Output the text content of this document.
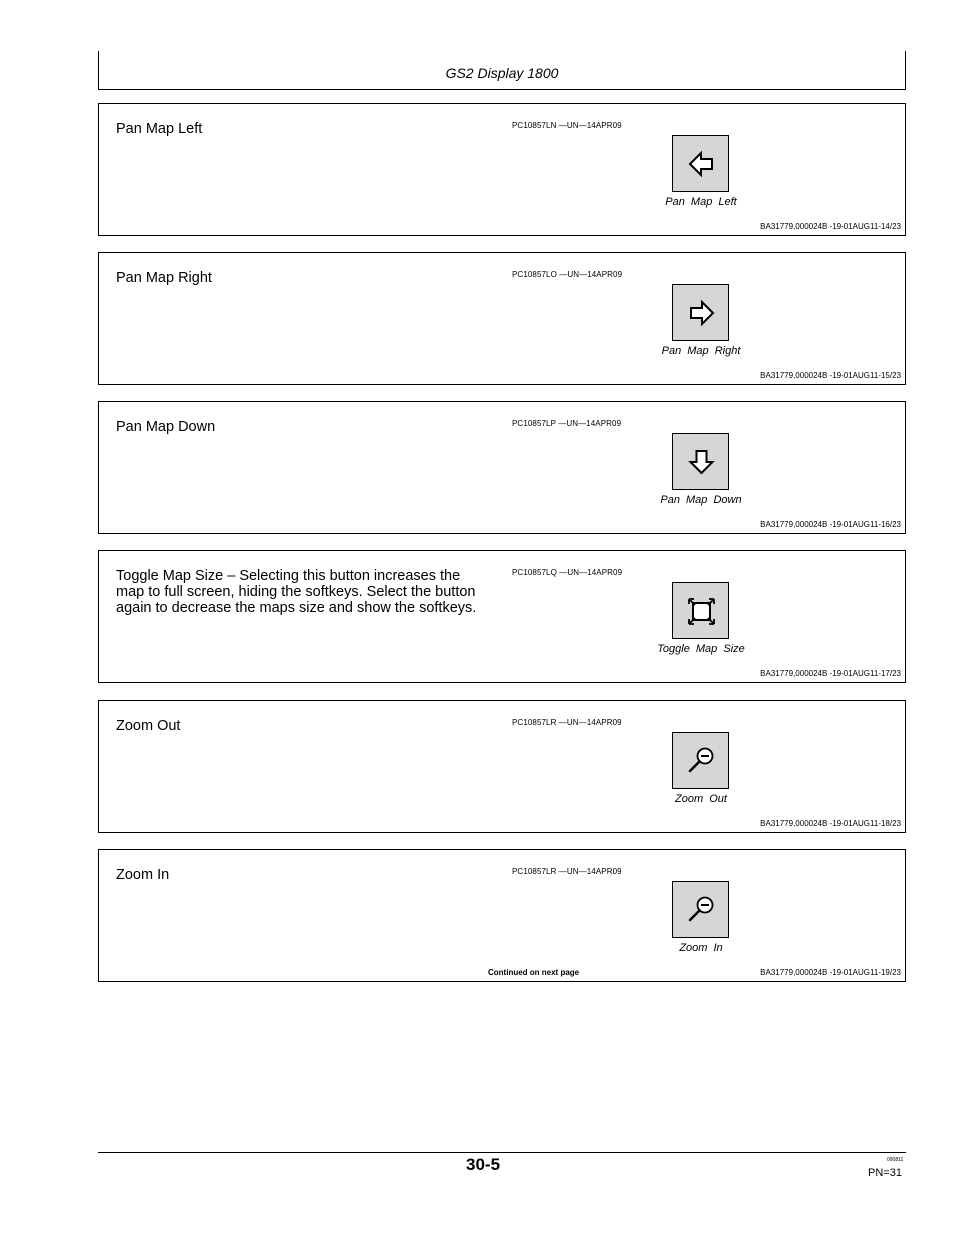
GS2 Display 1800
Pan Map Left	PC10857LN —UN—14APR09
Pan Map Left
BA31779,000024B -19-01AUG11-14/23
Pan Map Right	PC10857LO —UN—14APR09
Pan Map Right
BA31779,000024B -19-01AUG11-15/23
Pan Map Down	PC10857LP —UN—14APR09
Pan Map Down
BA31779,000024B -19-01AUG11-16/23
Toggle Map Size – Selecting this button increases the map to full screen, hiding the softkeys. Select the button again to decrease the maps size and show the softkeys.
PC10857LQ —UN—14APR09
Toggle Map Size
BA31779,000024B -19-01AUG11-17/23
Zoom Out	PC10857LR —UN—14APR09
Zoom Out
BA31779,000024B -19-01AUG11-18/23
Zoom In	PC10857LR —UN—14APR09
Zoom In
Continued on next page	BA31779,000024B -19-01AUG11-19/23
30-5	090811
PN=31
